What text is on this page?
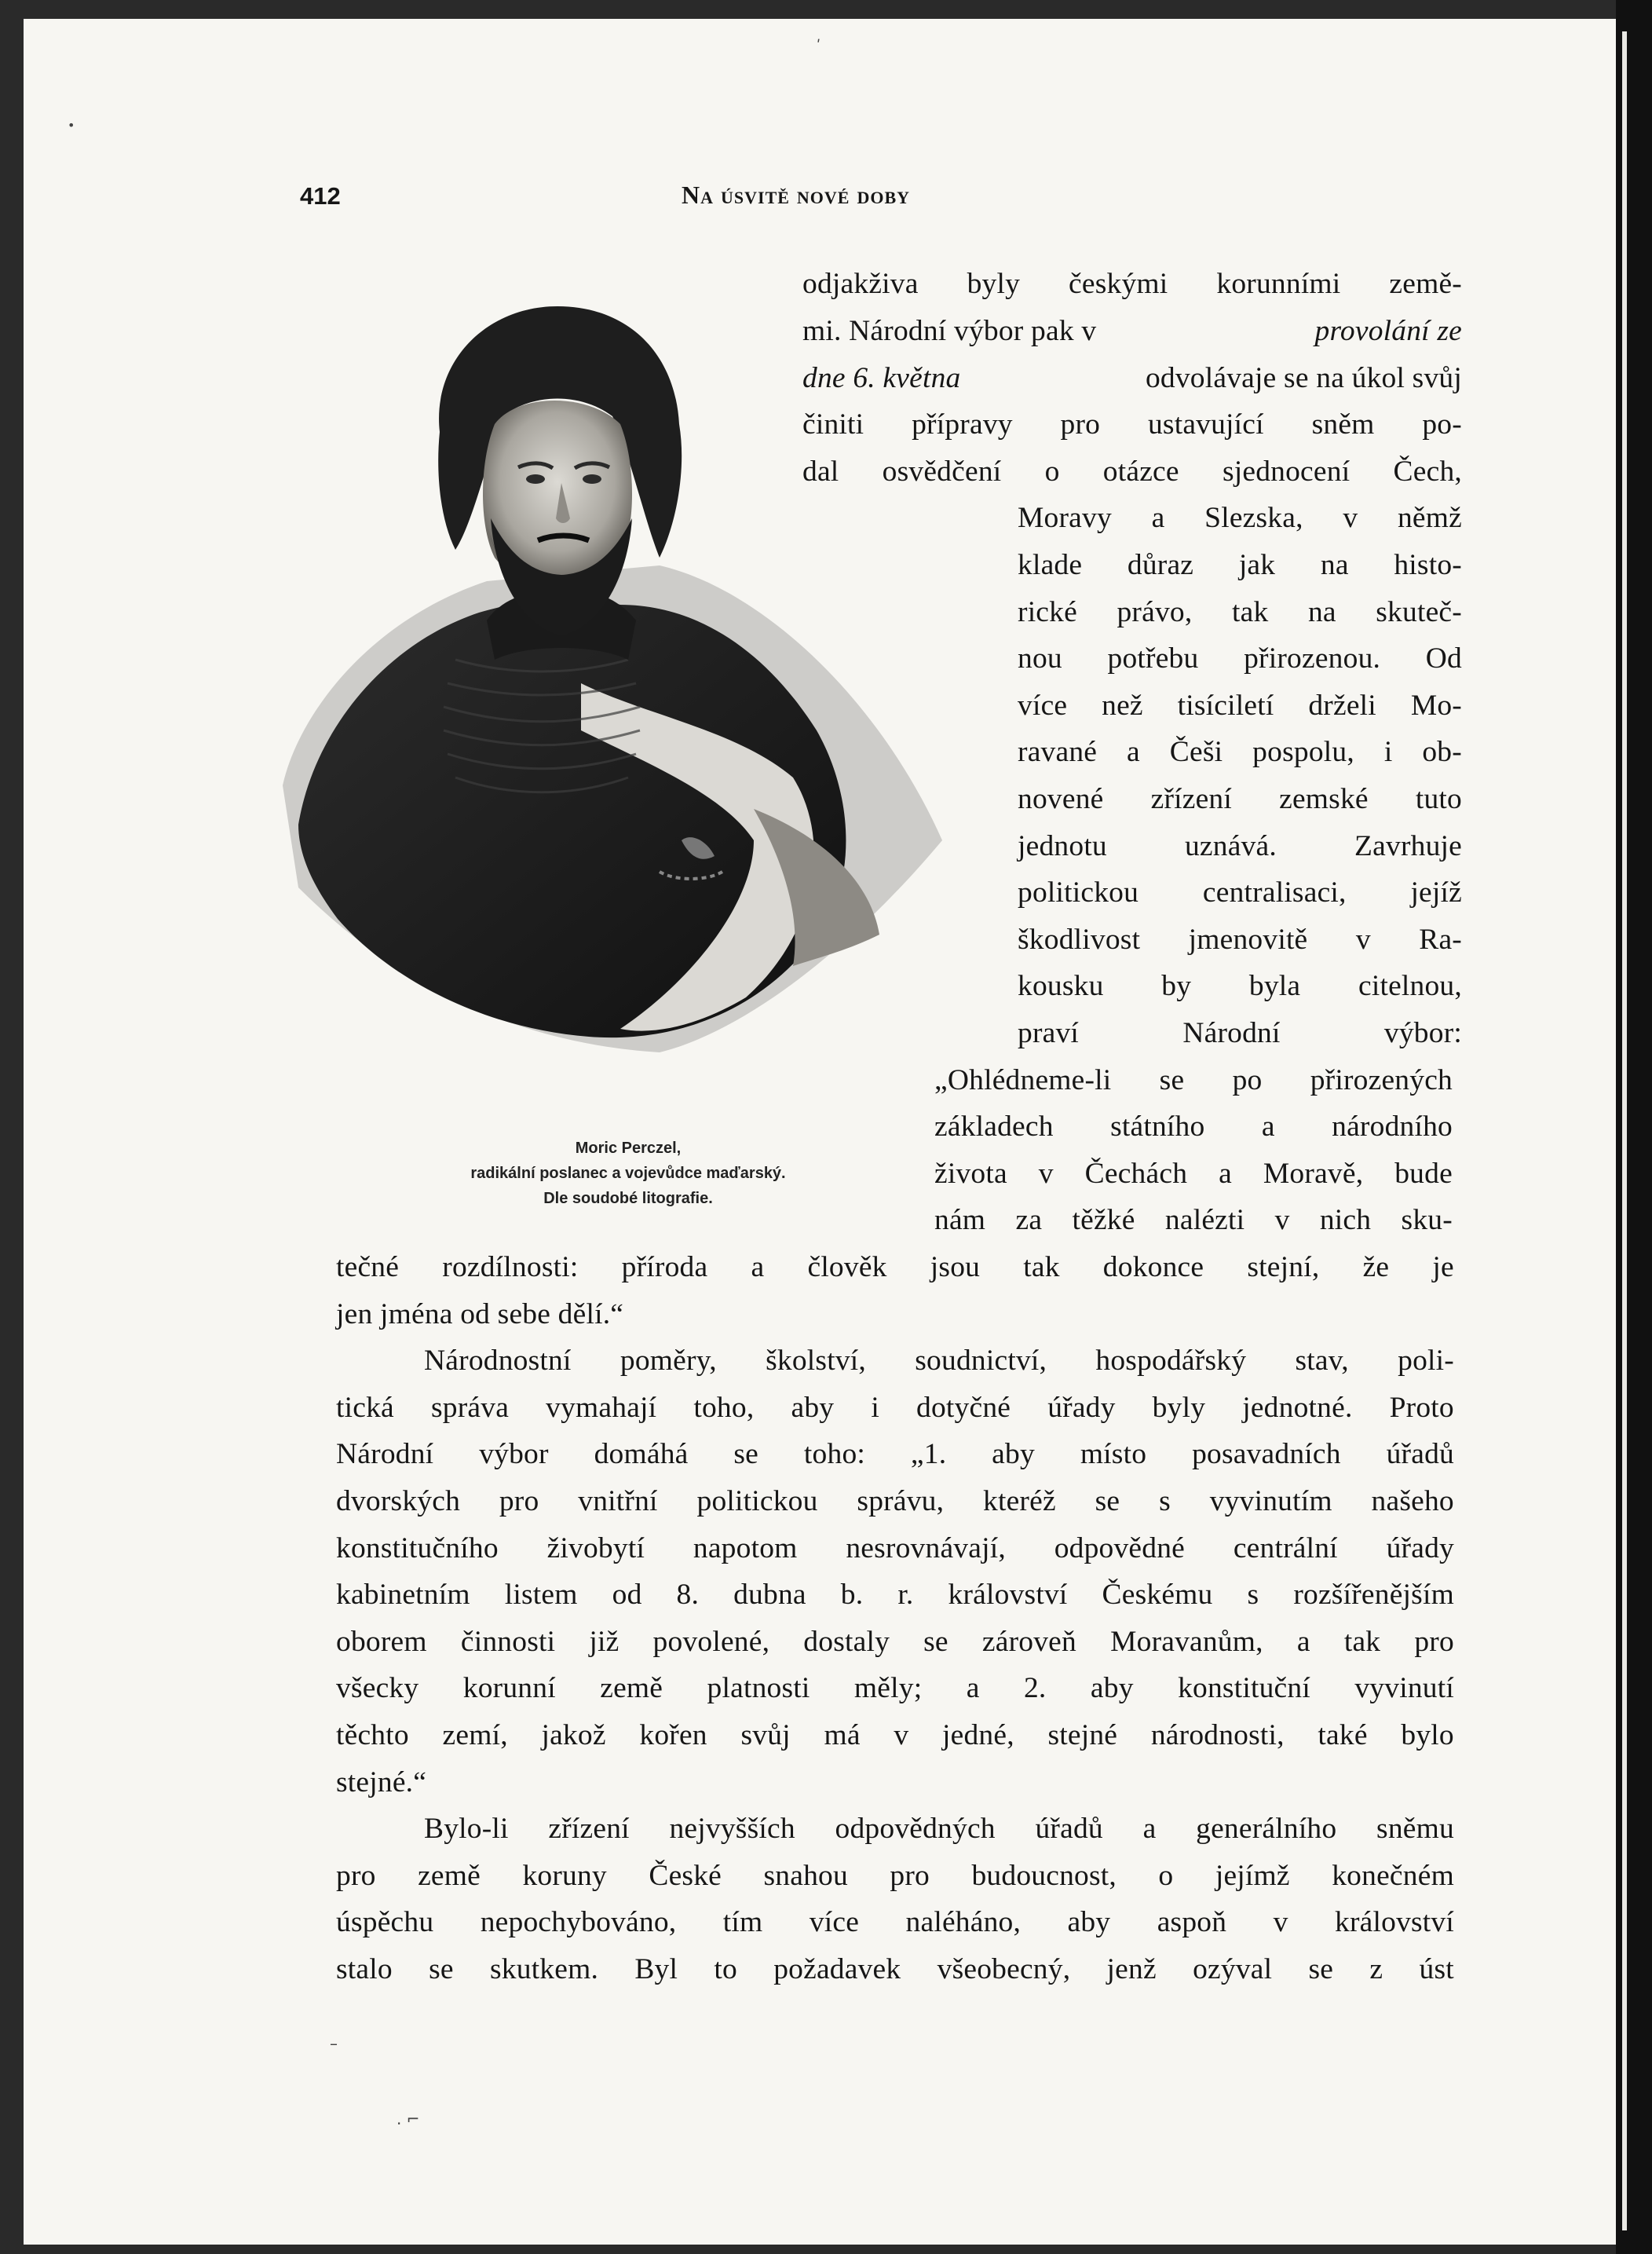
•
ʹ
–
. ⌐
412	Na úsvitě nové doby
Moric Perczel,
radikální poslanec a vojevůdce maďarský.
Dle soudobé litografie.
odjakživa byly českými korunními země-
mi. Národní výbor pak v	provolání ze
dne 6. května	odvolávaje se na úkol svůj
činiti přípravy pro ustavující sněm po-
dal osvědčení o otázce sjednocení Čech,
Moravy a Slezska, v němž
klade důraz jak na histo-
rické právo, tak na skuteč-
nou potřebu přirozenou. Od
více než tisíciletí drželi Mo-
ravané a Češi pospolu, i ob-
novené zřízení zemské tuto
jednotu	uznává.	Zavrhuje
politickou centralisaci, jejíž
škodlivost jmenovitě v Ra-
kousku by byla citelnou,
praví	Národní	výbor:
„Ohlédneme-li se po přirozených
základech státního a národního
života v Čechách a Moravě, bude
nám za těžké nalézti v nich sku-
tečné rozdílnosti: příroda a člověk jsou tak dokonce stejní, že je
jen jména od sebe dělí.“
Národnostní poměry, školství, soudnictví, hospodářský stav, poli-
tická správa vymahají toho, aby i dotyčné úřady byly jednotné. Proto
Národní výbor domáhá se toho: „1. aby místo posavadních úřadů
dvorských pro vnitřní politickou správu, kteréž se s vyvinutím našeho
konstitučního živobytí napotom nesrovnávají, odpovědné centrální úřady
kabinetním listem od 8. dubna b. r. království Českému s rozšířenějším
oborem činnosti již povolené, dostaly se zároveň Moravanům, a tak pro
všecky korunní země platnosti měly; a 2. aby konstituční vyvinutí
těchto zemí, jakož kořen svůj má v jedné, stejné národnosti, také bylo
stejné.“
Bylo-li zřízení nejvyšších odpovědných úřadů a generálního sněmu
pro země koruny České snahou pro budoucnost, o jejímž konečném
úspěchu nepochybováno, tím více naléháno, aby aspoň v království
stalo se skutkem. Byl to požadavek všeobecný, jenž ozýval se z úst
